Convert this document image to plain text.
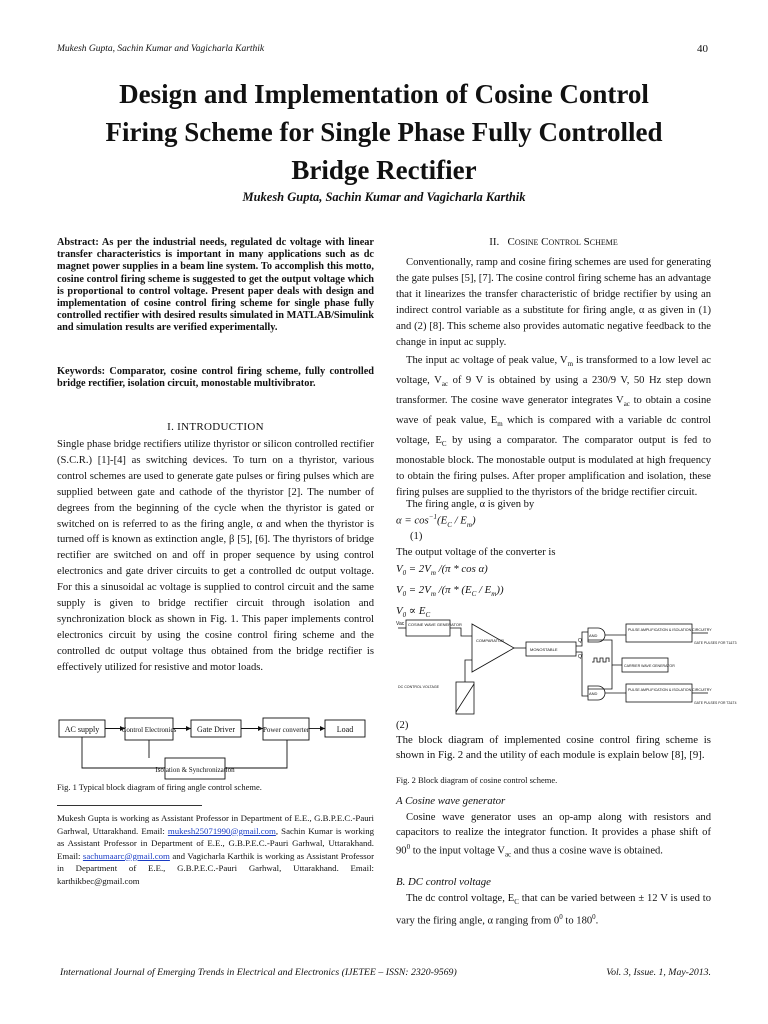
Mukesh Gupta, Sachin Kumar and Vagicharla Karthik	40
Design and Implementation of Cosine Control
Firing Scheme for Single Phase Fully Controlled
Bridge Rectifier
Mukesh Gupta, Sachin Kumar and Vagicharla Karthik
Abstract: As per the industrial needs, regulated dc voltage with linear transfer characteristics is important in many applications such as dc magnet power supplies in a beam line system. To accomplish this motto, cosine control firing scheme is suggested to get the output voltage which is proportional to control voltage. Present paper deals with design and implementation of cosine control firing scheme for single phase fully controlled rectifier with desired results simulated in MATLAB/Simulink and simulation results are verified experimentally.
Keywords: Comparator, cosine control firing scheme, fully controlled bridge rectifier, isolation circuit, monostable multivibrator.
I. INTRODUCTION
Single phase bridge rectifiers utilize thyristor or silicon controlled rectifier (S.C.R.) [1]-[4] as switching devices. To turn on a thyristor, various control schemes are used to generate gate pulses or firing pulses which are supplied between gate and cathode of the thyristor [2]. The number of degrees from the beginning of the cycle when the thyristor is gated or switched on is referred to as the firing angle, α and when the thyristor is turned off is known as extinction angle, β [5], [6]. The thyristors of bridge rectifier are switched on and off in proper sequence by using control electronics and gate driver circuits to get a controlled dc output voltage. For this a sinusoidal ac voltage is supplied to control circuit and the same supply is given to bridge rectifier circuit through isolation and synchronization block as shown in Fig. 1. This paper implements control electronics circuit by using the cosine control firing scheme and the controlled dc output voltage thus obtained from the bridge rectifier is effectively utilized for resistive and motor loads.
AC supply	Control Electronics	Gate Driver	Power converter	Load
Isolation & Synchronization
Fig. 1 Typical block diagram of firing angle control scheme.
Mukesh Gupta is working as Assistant Professor in Department of E.E., G.B.P.E.C.-Pauri Garhwal, Uttarakhand. Email: mukesh25071990@gmail.com, Sachin Kumar is working as Assistant Professor in Department of E.E., G.B.P.E.C.-Pauri Garhwal, Uttarakhand. Email: sachumaarc@gmail.com and Vagicharla Karthik is working as Assistant Professor in Department of E.E., G.B.P.E.C.-Pauri Garhwal, Uttarakhand. Email: karthikbec@gmail.com
II. Cosine Control Scheme
Conventionally, ramp and cosine firing schemes are used for generating the gate pulses [5], [7]. The cosine control firing scheme has an advantage that it linearizes the transfer characteristic of bridge rectifier by using an indirect control variable as a substitute for firing angle, α as given in (1) and (2) [8]. This scheme also provides automatic negative feedback to the change in input ac supply.
The input ac voltage of peak value, $V_m$ is transformed to a low level ac voltage, $V_{ac}$ of 9 V is obtained by using a 230/9 V, 50 Hz step down transformer. The cosine wave generator integrates $V_{ac}$ to obtain a cosine wave of peak value, $E_m$ which is compared with a variable dc control voltage, $E_C$ by using a comparator. The comparator output is fed to monostable block. The monostable output is modulated at high frequency to obtain the firing pulses. After proper amplification and isolation, these firing pulses are supplied to the thyristors of the bridge rectifier circuit.
The firing angle, α is given by
$\alpha = \cos^{-1}(E_C / E_m)$
(1)
The output voltage of the converter is
$V_0 = 2V_m$ /(π * cos α)
$V_0 = 2V_m$ $/(\pi * (E_C / E_m))$
$V_0 \propto E_C$
COSINE WAVE GENERATOR
COMPARATOR
MONOSTABLE
AND
AND
PULSE AMPLIFICATION & ISOLATION CIRCUITRY
PULSE AMPLIFICATION & ISOLATION CIRCUITRY
CARRIER WAVE GENERATOR
DC CONTROL VOLTAGE
GATE PULSES FOR T1&T3
GATE PULSES FOR T2&T4
Vac
Q
Q'
(2)
The block diagram of implemented cosine control firing scheme is shown in Fig. 2 and the utility of each module is explain below [8], [9].
Fig. 2 Block diagram of cosine control scheme.
A Cosine wave generator
Cosine wave generator uses an op-amp along with resistors and capacitors to realize the integrator function. It provides a phase shift of $90^0$ to the input voltage $V_{ac}$ and thus a cosine wave is obtained.
B. DC control voltage
The dc control voltage, $E_C$ that can be varied between ± 12 V is used to vary the firing angle, α ranging from $0^0$ to $180^0$.
International Journal of Emerging Trends in Electrical and Electronics (IJETEE – ISSN: 2320-9569)	Vol. 3, Issue. 1, May-2013.
